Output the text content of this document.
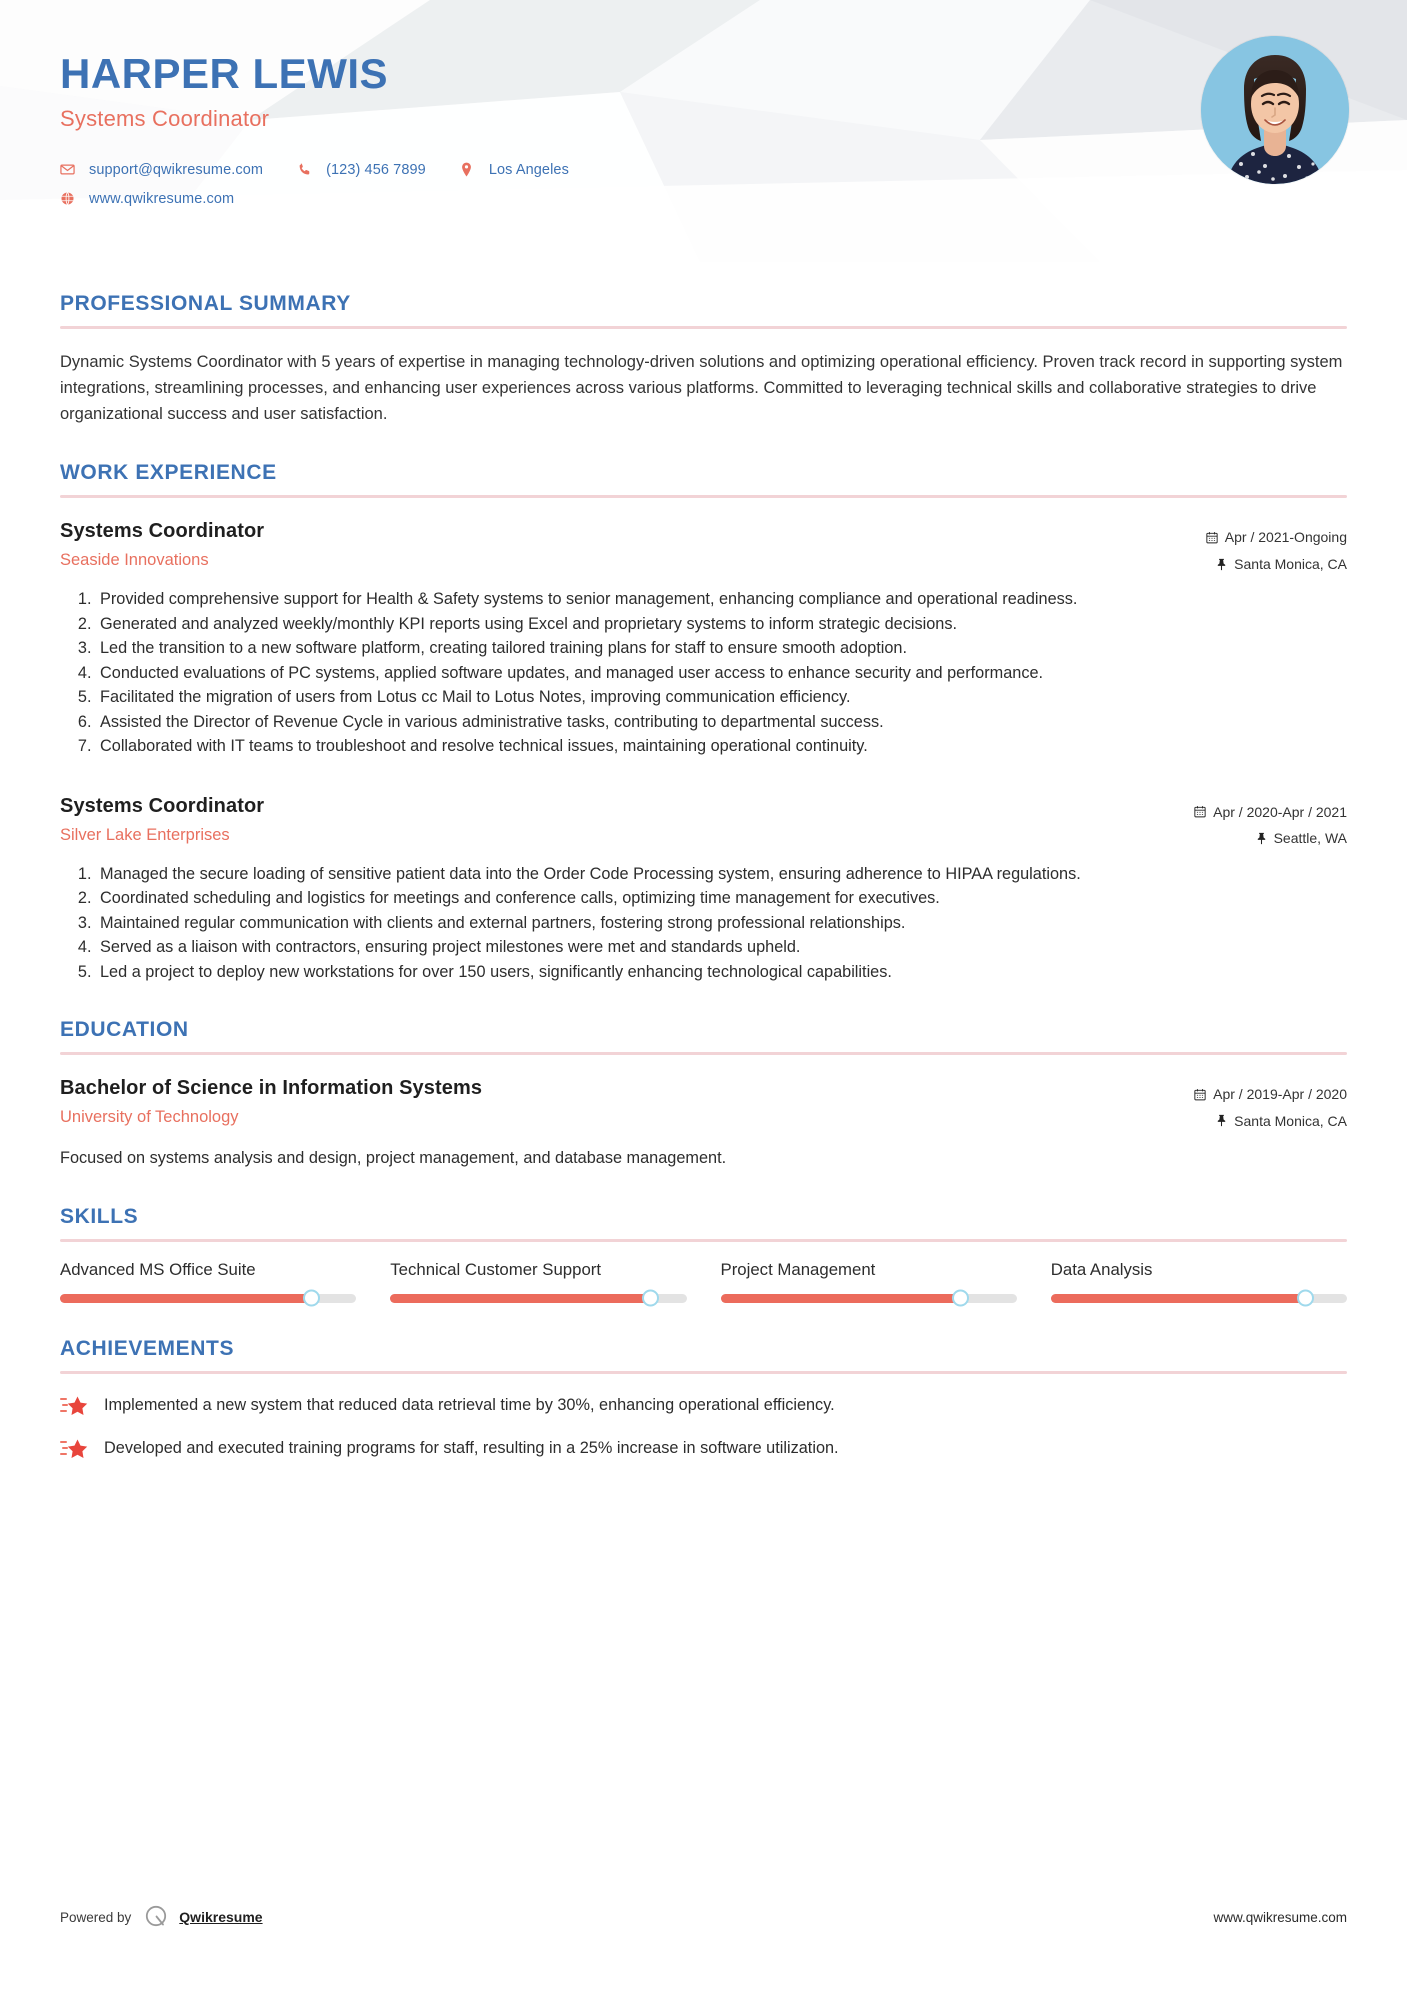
HARPER LEWIS
Systems Coordinator
support@qwikresume.com	(123) 456 7899	Los Angeles
www.qwikresume.com
PROFESSIONAL SUMMARY
Dynamic Systems Coordinator with 5 years of expertise in managing technology-driven solutions and optimizing operational efficiency. Proven track record in supporting system integrations, streamlining processes, and enhancing user experiences across various platforms. Committed to leveraging technical skills and collaborative strategies to drive organizational success and user satisfaction.
WORK EXPERIENCE
Systems Coordinator
Seaside Innovations
Apr / 2021-Ongoing
Santa Monica, CA
1. Provided comprehensive support for Health & Safety systems to senior management, enhancing compliance and operational readiness.
2. Generated and analyzed weekly/monthly KPI reports using Excel and proprietary systems to inform strategic decisions.
3. Led the transition to a new software platform, creating tailored training plans for staff to ensure smooth adoption.
4. Conducted evaluations of PC systems, applied software updates, and managed user access to enhance security and performance.
5. Facilitated the migration of users from Lotus cc Mail to Lotus Notes, improving communication efficiency.
6. Assisted the Director of Revenue Cycle in various administrative tasks, contributing to departmental success.
7. Collaborated with IT teams to troubleshoot and resolve technical issues, maintaining operational continuity.
Systems Coordinator
Silver Lake Enterprises
Apr / 2020-Apr / 2021
Seattle, WA
1. Managed the secure loading of sensitive patient data into the Order Code Processing system, ensuring adherence to HIPAA regulations.
2. Coordinated scheduling and logistics for meetings and conference calls, optimizing time management for executives.
3. Maintained regular communication with clients and external partners, fostering strong professional relationships.
4. Served as a liaison with contractors, ensuring project milestones were met and standards upheld.
5. Led a project to deploy new workstations for over 150 users, significantly enhancing technological capabilities.
EDUCATION
Bachelor of Science in Information Systems
University of Technology
Apr / 2019-Apr / 2020
Santa Monica, CA
Focused on systems analysis and design, project management, and database management.
SKILLS
Advanced MS Office Suite	Technical Customer Support	Project Management	Data Analysis
ACHIEVEMENTS
Implemented a new system that reduced data retrieval time by 30%, enhancing operational efficiency.
Developed and executed training programs for staff, resulting in a 25% increase in software utilization.
Powered by	Qwikresume	www.qwikresume.com
